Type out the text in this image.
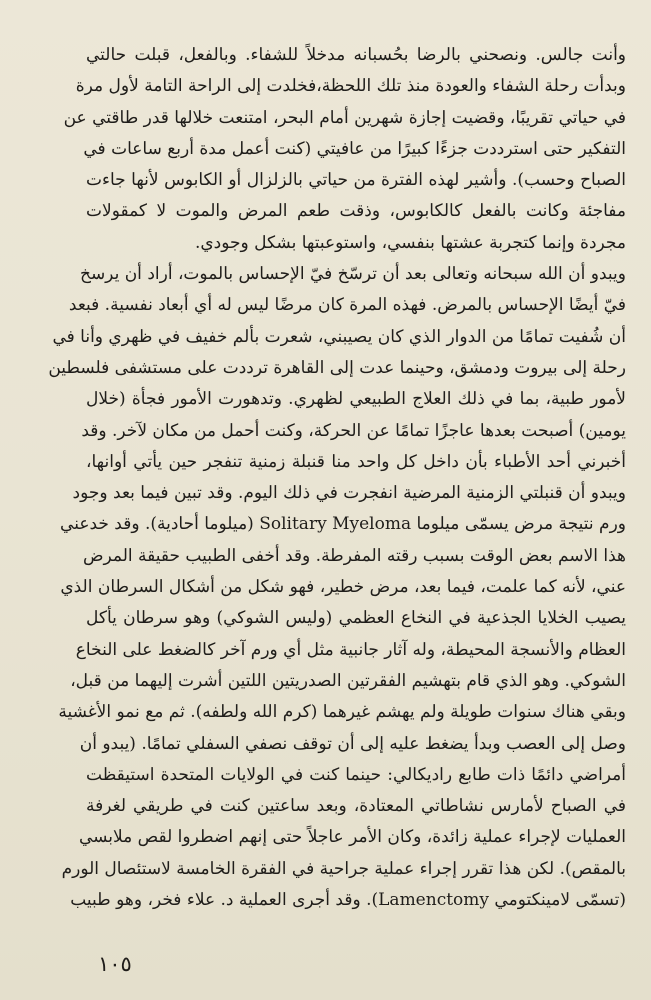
وأنت جالس. ونصحني بالرضا بحُسبانه مدخلاً للشفاء. وبالفعل، قبلت حالتي
وبدأت رحلة الشفاء والعودة منذ تلك اللحظة،فخلدت إلى الراحة التامة لأول مرة
في حياتي تقريبًا، وقضيت إجازة شهرين أمام البحر، امتنعت خلالها قدر طاقتي عن
التفكير حتى استرددت جزءًا كبيرًا من عافيتي (كنت أعمل مدة أربع ساعات في
الصباح وحسب). وأشير لهذه الفترة من حياتي بالزلزال أو الكابوس لأنها جاءت
مفاجئة وكانت بالفعل كالكابوس، وذقت طعم المرض والموت لا كمقولات
مجردة وإنما كتجربة عشتها بنفسي، واستوعبتها بشكل وجودي.
ويبدو أن الله سبحانه وتعالى بعد أن ترسّخ فيّ الإحساس بالموت، أراد أن يرسخ
فيّ أيضًا الإحساس بالمرض. فهذه المرة كان مرضًا ليس له أي أبعاد نفسية. فبعد
أن شُفيت تمامًا من الدوار الذي كان يصيبني، شعرت بألم خفيف في ظهري وأنا في
رحلة إلى بيروت ودمشق، وحينما عدت إلى القاهرة ترددت على مستشفى فلسطين
لأمور طبية، بما في ذلك العلاج الطبيعي لظهري. وتدهورت الأمور فجأة (خلال
يومين) أصبحت بعدها عاجزًا تمامًا عن الحركة، وكنت أحمل من مكان لآخر. وقد
أخبرني أحد الأطباء بأن داخل كل واحد منا قنبلة زمنية تنفجر حين يأتي أوانها،
ويبدو أن قنبلتي الزمنية المرضية انفجرت في ذلك اليوم. وقد تبين فيما بعد وجود
ورم نتيجة مرض يسمّى ميلوما Solitary Myeloma (ميلوما أحادية). وقد خدعني
هذا الاسم بعض الوقت بسبب رقته المفرطة. وقد أخفى الطبيب حقيقة المرض
عني، لأنه كما علمت، فيما بعد، مرض خطير، فهو شكل من أشكال السرطان الذي
يصيب الخلايا الجذعية في النخاع العظمي (وليس الشوكي) وهو سرطان يأكل
العظام والأنسجة المحيطة، وله آثار جانبية مثل أي ورم آخر كالضغط على النخاع
الشوكي. وهو الذي قام بتهشيم الفقرتين الصدريتين اللتين أشرت إليهما من قبل،
وبقي هناك سنوات طويلة ولم يهشم غيرهما (كرم الله ولطفه). ثم مع نمو الأغشية
وصل إلى العصب وبدأ يضغط عليه إلى أن توقف نصفي السفلي تمامًا. (يبدو أن
أمراضي دائمًا ذات طابع راديكالي: حينما كنت في الولايات المتحدة استيقظت
في الصباح لأمارس نشاطاتي المعتادة، وبعد ساعتين كنت في طريقي لغرفة
العمليات لإجراء عملية زائدة، وكان الأمر عاجلاً حتى إنهم اضطروا لقص ملابسي
بالمقص). لكن هذا تقرر إجراء عملية جراحية في الفقرة الخامسة لاستئصال الورم
(تسمّى لامينكتومي Lamenctomy). وقد أجرى العملية د. علاء فخر، وهو طبيب
١٠٥
